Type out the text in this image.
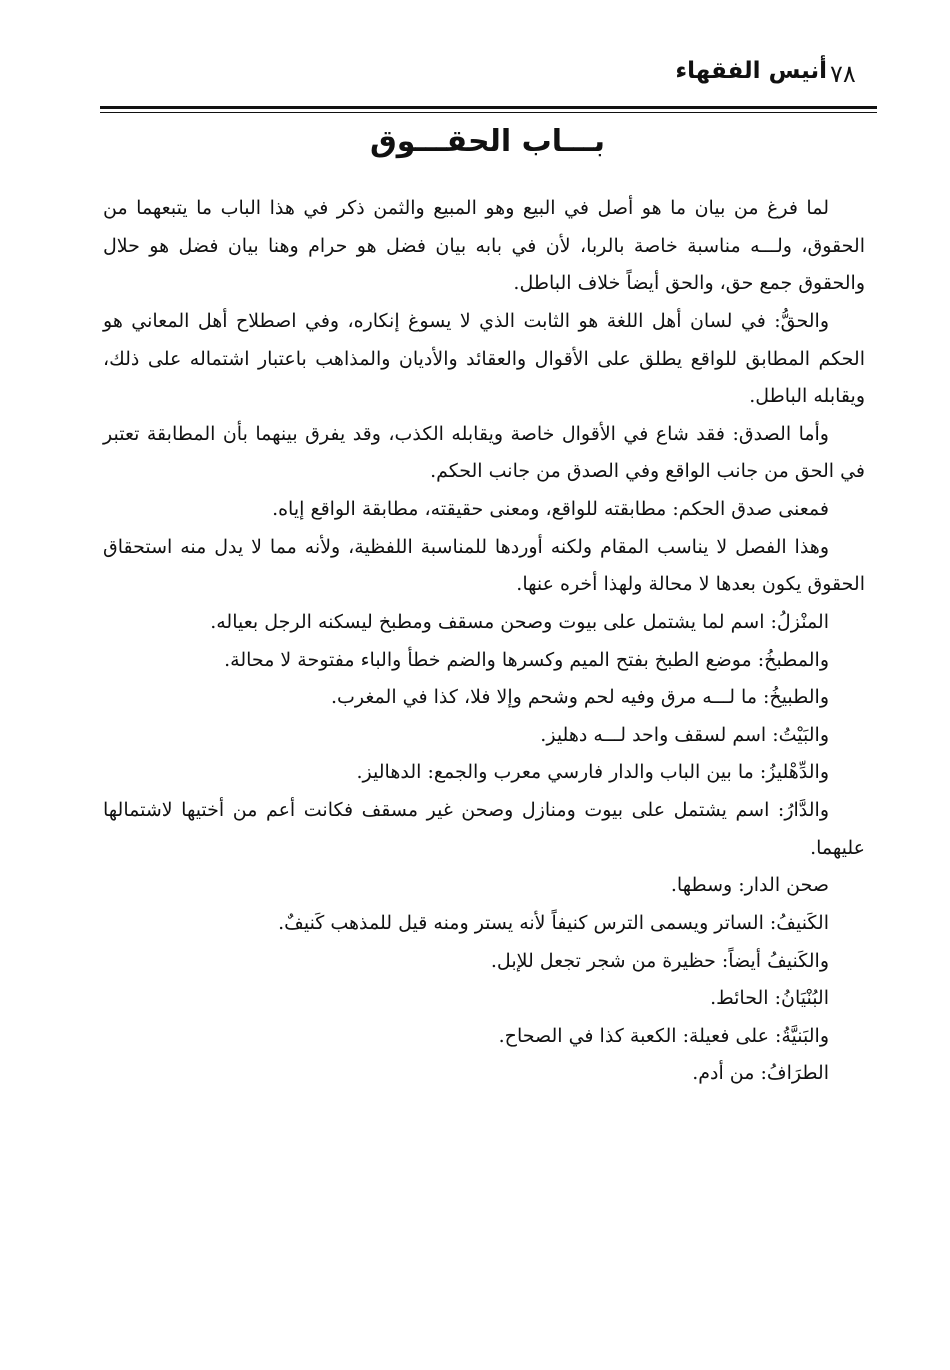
أنيس الفقهاء ٧٨
بـــاب الحقـــوق

لما فرغ من بيان ما هو أصل في البيع وهو المبيع والثمن ذكر في هذا الباب ما يتبعهما من الحقوق، ولـــه مناسبة خاصة بالربا، لأن في بابه بيان فضل هو حرام وهنا بيان فضل هو حلال والحقوق جمع حق، والحق أيضاً خلاف الباطل.

والحقُّ: في لسان أهل اللغة هو الثابت الذي لا يسوغ إنكاره، وفي اصطلاح أهل المعاني هو الحكم المطابق للواقع يطلق على الأقوال والعقائد والأديان والمذاهب باعتبار اشتماله على ذلك، ويقابله الباطل.

وأما الصدق: فقد شاع في الأقوال خاصة ويقابله الكذب، وقد يفرق بينهما بأن المطابقة تعتبر في الحق من جانب الواقع وفي الصدق من جانب الحكم.

فمعنى صدق الحكم: مطابقته للواقع، ومعنى حقيقته، مطابقة الواقع إياه.

وهذا الفصل لا يناسب المقام ولكنه أوردها للمناسبة اللفظية، ولأنه مما لا يدل منه استحقاق الحقوق يكون بعدها لا محالة ولهذا أخره عنها.

المنْزلُ: اسم لما يشتمل على بيوت وصحن مسقف ومطبخ ليسكنه الرجل بعياله.

والمطبخُ: موضع الطبخ بفتح الميم وكسرها والضم خطأ والباء مفتوحة لا محالة.

والطبيخُ: ما لـــه مرق وفيه لحم وشحم وإلا فلا، كذا في المغرب.

والبَيْتُ: اسم لسقف واحد لـــه دهليز.

والدِّهْليزُ: ما بين الباب والدار فارسي معرب والجمع: الدهاليز.

والدَّارُ: اسم يشتمل على بيوت ومنازل وصحن غير مسقف فكانت أعم من أختيها لاشتمالها عليهما.

صحن الدار: وسطها.

الكَنيفُ: الساتر ويسمى الترس كنيفاً لأنه يستر ومنه قيل للمذهب كَنيفٌ.

والكَنيفُ أيضاً: حظيرة من شجر تجعل للإبل.

البُنْيَانُ: الحائط.

والبَنيَّةُ: على فعيلة: الكعبة كذا في الصحاح.

الطرَافُ: من أدم.
